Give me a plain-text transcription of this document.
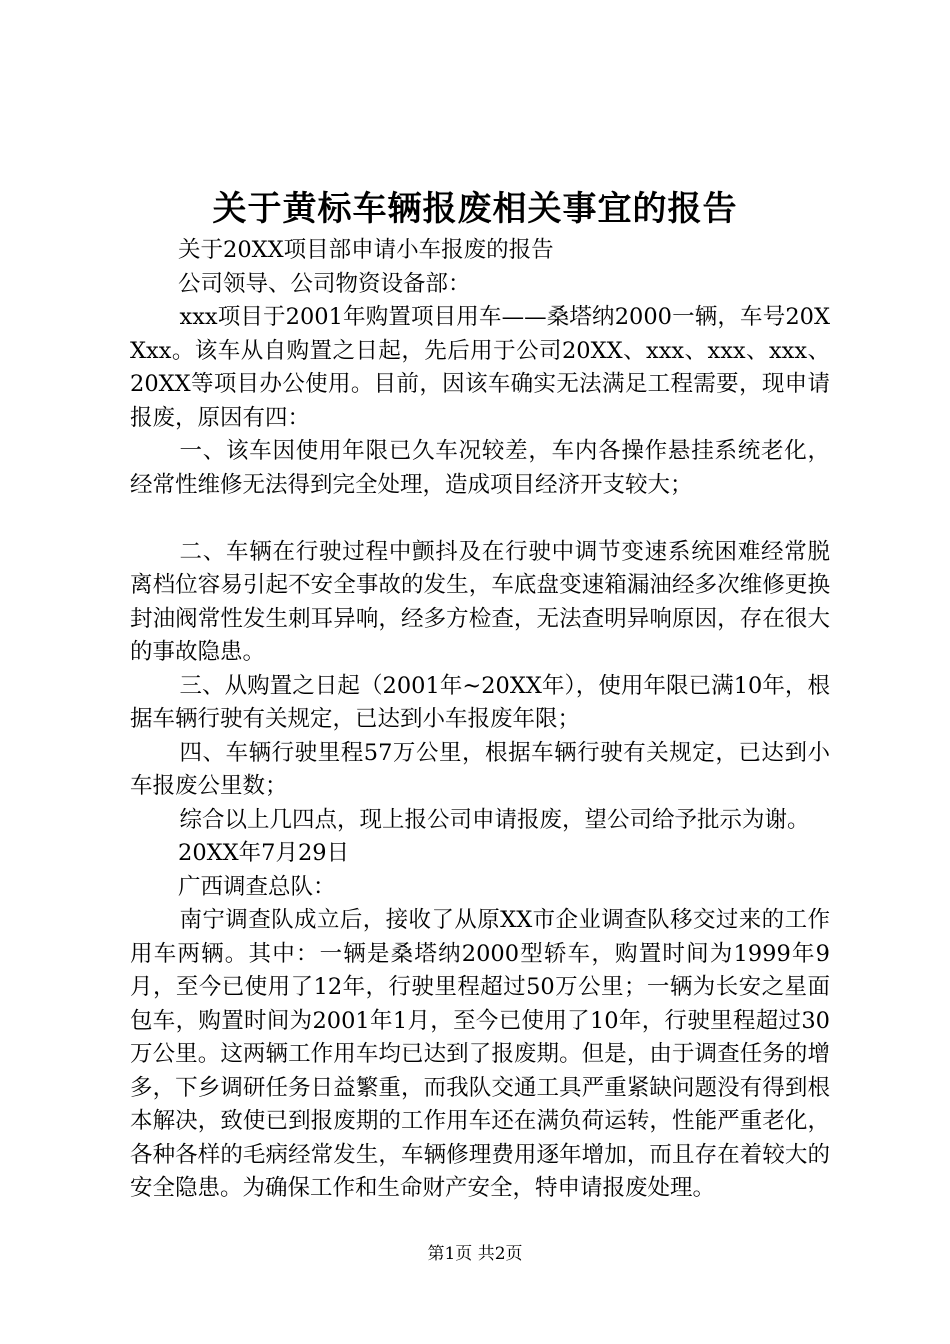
关于黄标车辆报废相关事宜的报告

关于20XX项目部申请小车报废的报告

公司领导、公司物资设备部：

xxx项目于2001年购置项目用车——桑塔纳2000一辆，车号20XXxx。该车从自购置之日起，先后用于公司20XX、xxx、xxx、xxx、20XX等项目办公使用。目前，因该车确实无法满足工程需要，现申请报废，原因有四：

一、该车因使用年限已久车况较差，车内各操作悬挂系统老化，经常性维修无法得到完全处理，造成项目经济开支较大；

二、车辆在行驶过程中颤抖及在行驶中调节变速系统困难经常脱离档位容易引起不安全事故的发生，车底盘变速箱漏油经多次维修更换封油阀常性发生刺耳异响，经多方检查，无法查明异响原因，存在很大的事故隐患。

三、从购置之日起（2001年~20XX年），使用年限已满10年，根据车辆行驶有关规定，已达到小车报废年限；

四、车辆行驶里程57万公里，根据车辆行驶有关规定，已达到小车报废公里数；

综合以上几四点，现上报公司申请报废，望公司给予批示为谢。

20XX年7月29日

广西调查总队：

南宁调查队成立后，接收了从原XX市企业调查队移交过来的工作用车两辆。其中：一辆是桑塔纳2000型轿车，购置时间为1999年9月，至今已使用了12年，行驶里程超过50万公里；一辆为长安之星面包车，购置时间为2001年1月，至今已使用了10年，行驶里程超过30万公里。这两辆工作用车均已达到了报废期。但是，由于调查任务的增多，下乡调研任务日益繁重，而我队交通工具严重紧缺问题没有得到根本解决，致使已到报废期的工作用车还在满负荷运转，性能严重老化，各种各样的毛病经常发生，车辆修理费用逐年增加，而且存在着较大的安全隐患。为确保工作和生命财产安全，特申请报废处理。

第1页 共2页
